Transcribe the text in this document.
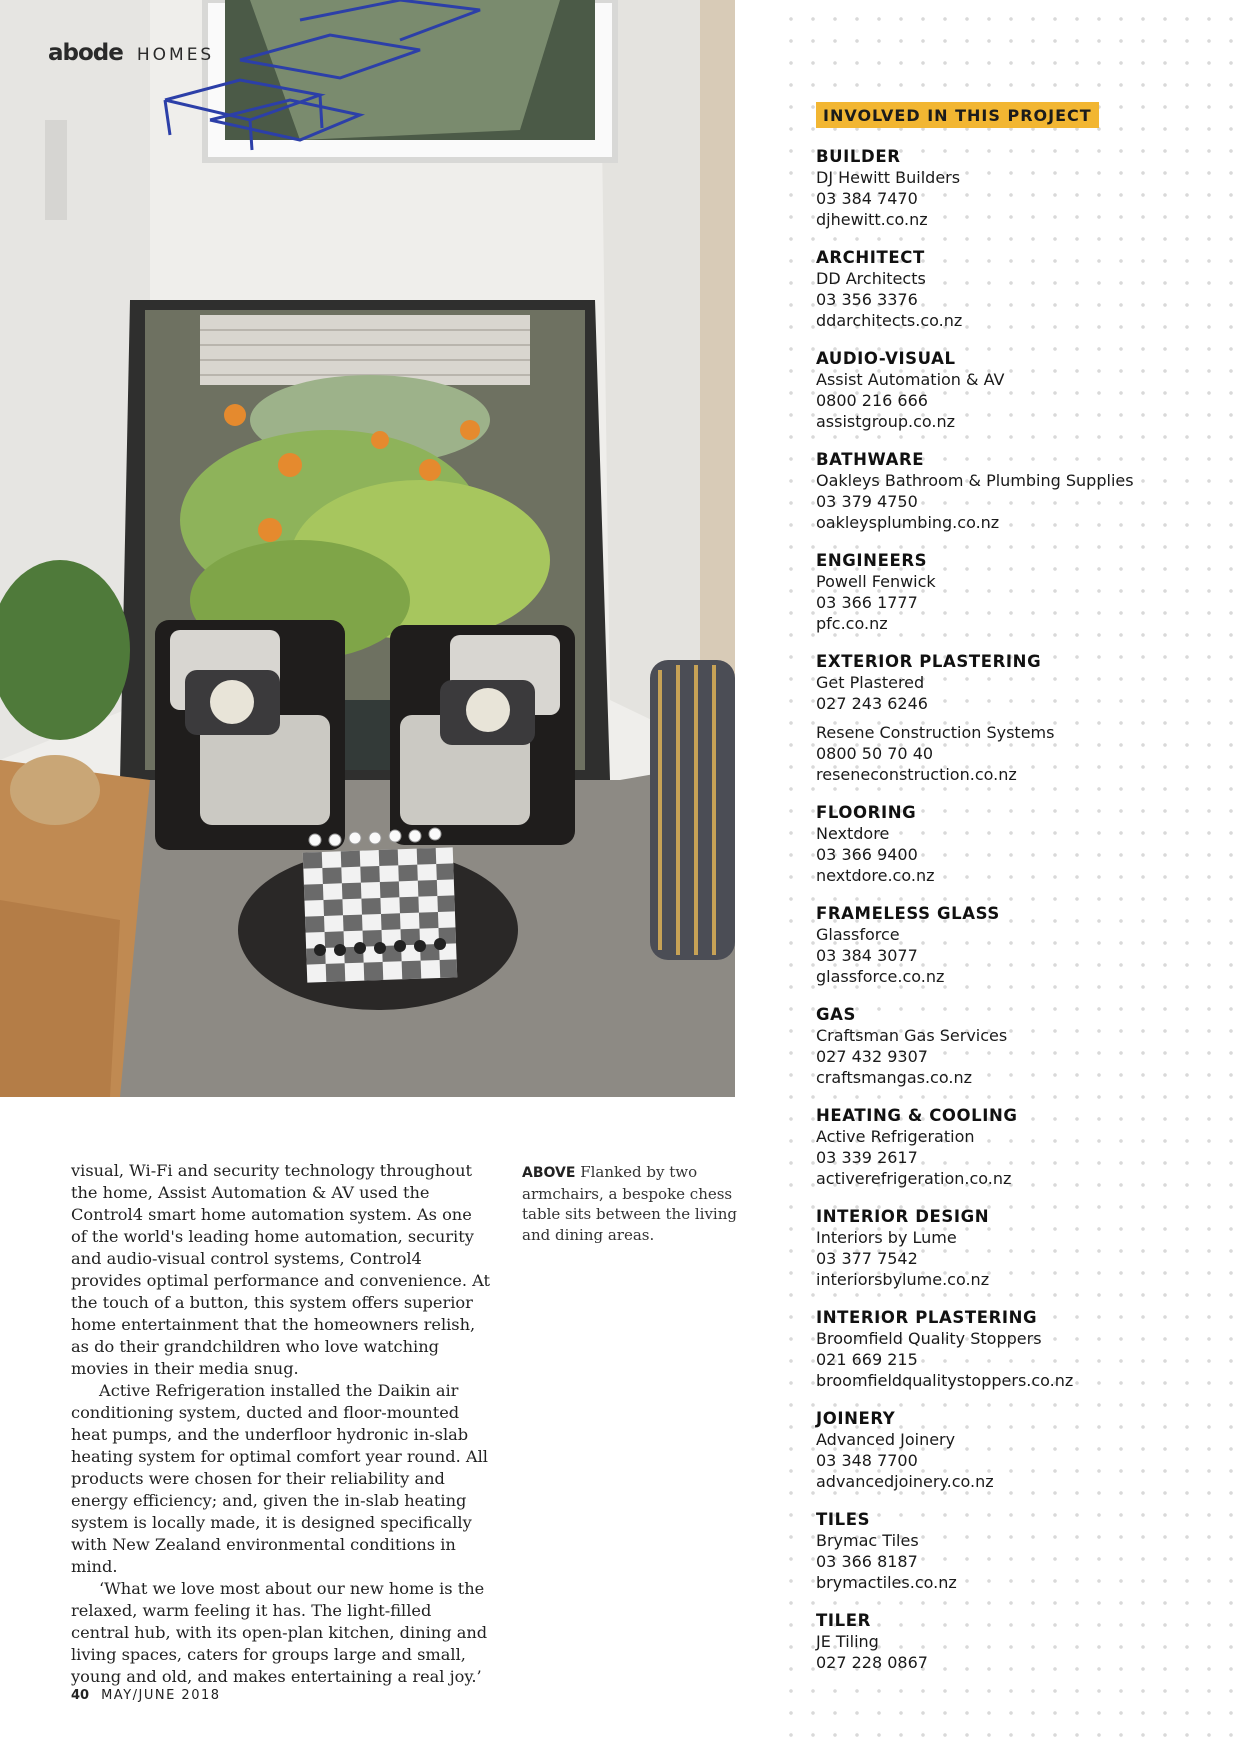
abode HOMES

visual, Wi-Fi and security technology throughout the home, Assist Automation & AV used the Control4 smart home automation system. As one of the world's leading home automation, security and audio-visual control systems, Control4 provides optimal performance and convenience. At the touch of a button, this system offers superior home entertainment that the homeowners relish, as do their grandchildren who love watching movies in their media snug.

Active Refrigeration installed the Daikin air conditioning system, ducted and floor-mounted heat pumps, and the underfloor hydronic in-slab heating system for optimal comfort year round. All products were chosen for their reliability and energy efficiency; and, given the in-slab heating system is locally made, it is designed specifically with New Zealand environmental conditions in mind.

‘What we love most about our new home is the relaxed, warm feeling it has. The light-filled central hub, with its open-plan kitchen, dining and living spaces, caters for groups large and small, young and old, and makes entertaining a real joy.’

ABOVE Flanked by two armchairs, a bespoke chess table sits between the living and dining areas.
40 MAY/JUNE 2018
INVOLVED IN THIS PROJECT
BUILDER
DJ Hewitt Builders
03 384 7470
djhewitt.co.nz
ARCHITECT
DD Architects
03 356 3376
ddarchitects.co.nz
AUDIO-VISUAL
Assist Automation & AV
0800 216 666
assistgroup.co.nz
BATHWARE
Oakleys Bathroom & Plumbing Supplies
03 379 4750
oakleysplumbing.co.nz
ENGINEERS
Powell Fenwick
03 366 1777
pfc.co.nz
EXTERIOR PLASTERING
Get Plastered
027 243 6246
Resene Construction Systems
0800 50 70 40
reseneconstruction.co.nz
FLOORING
Nextdore
03 366 9400
nextdore.co.nz
FRAMELESS GLASS
Glassforce
03 384 3077
glassforce.co.nz
GAS
Craftsman Gas Services
027 432 9307
craftsmangas.co.nz
HEATING & COOLING
Active Refrigeration
03 339 2617
activerefrigeration.co.nz
INTERIOR DESIGN
Interiors by Lume
03 377 7542
interiorsbylume.co.nz
INTERIOR PLASTERING
Broomfield Quality Stoppers
021 669 215
broomfieldqualitystoppers.co.nz
JOINERY
Advanced Joinery
03 348 7700
advancedjoinery.co.nz
TILES
Brymac Tiles
03 366 8187
brymactiles.co.nz
TILER
JE Tiling
027 228 0867
